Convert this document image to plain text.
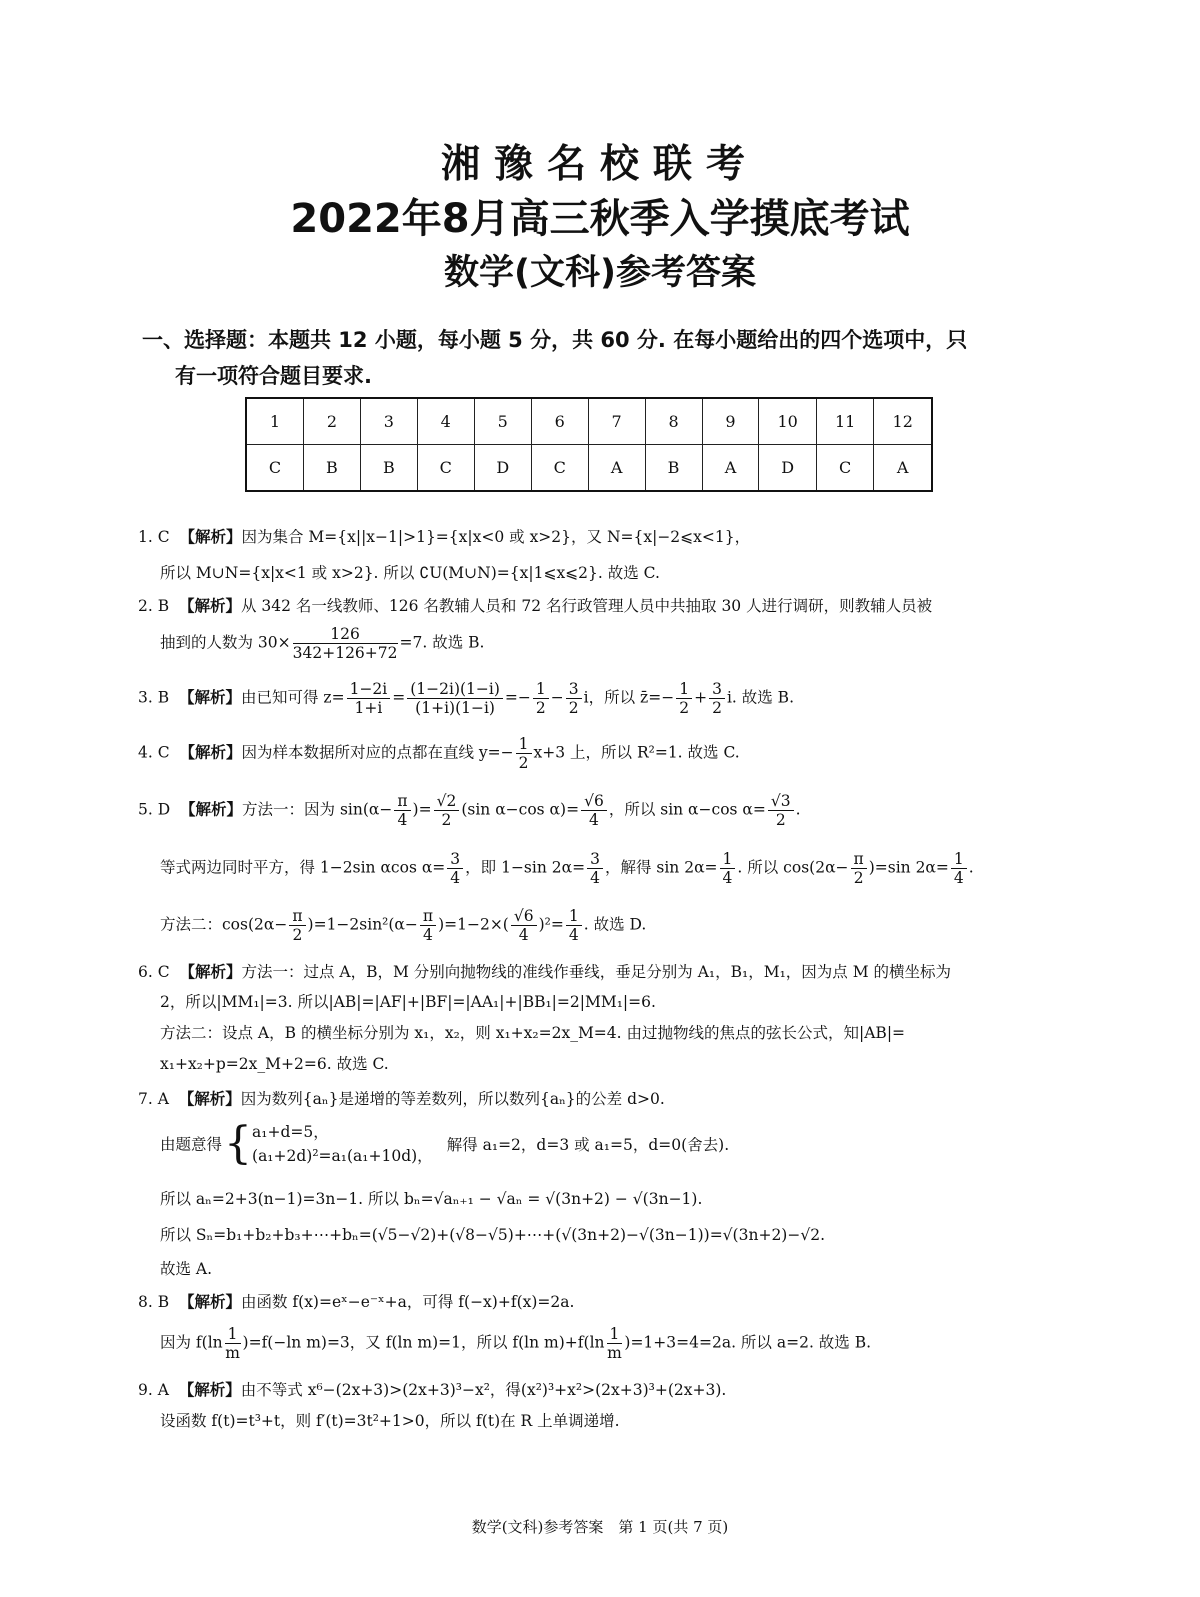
湘豫名校联考
2022年8月高三秋季入学摸底考试
数学(文科)参考答案
一、选择题：本题共 12 小题，每小题 5 分，共 60 分. 在每小题给出的四个选项中，只
有一项符合题目要求.
1	2	3	4	5	6	7	8	9	10	11	12
C	B	B	C	D	C	A	B	A	D	C	A
1. C 【解析】因为集合 M={x||x−1|>1}={x|x<0 或 x>2}，又 N={x|−2⩽x<1}，
所以 M∪N={x|x<1 或 x>2}. 所以 ∁U(M∪N)={x|1⩽x⩽2}. 故选 C.
2. B 【解析】从 342 名一线教师、126 名教辅人员和 72 名行政管理人员中共抽取 30 人进行调研，则教辅人员被
抽到的人数为 $30\times \frac{126}{342+126+72} =7$. 故选 B.
3. B 【解析】由已知可得 $z= \frac{1-2i}{1+i} = \frac{(1-2i)(1-i)}{(1+i)(1-i)} =- \frac{1}{2} - \frac{3}{2}$ i，所以 z̄=− $\frac{1}{2} + \frac{3}{2} i$. 故选 B.
4. C 【解析】因为样本数据所对应的点都在直线 $y=- \frac{1}{2} x+3$ 上，所以 R²=1. 故选 C.
5. D 【解析】方法一：因为 $\sin(\alpha- \frac{\pi}{4}$ )= $\frac{√2}{2} (\sin$ α−cos $\alpha)= \frac{√6}{4}$ ，所以 sin α−cos $\alpha= \frac{√3}{2}$ .
等式两边同时平方，得 1−2sin αcos $\alpha= \frac{3}{4}$ ，即 1−sin $2\alpha= \frac{3}{4}$ ，解得 $\sin 2\alpha= \frac{1}{4}$ . 所以 $\cos(2\alpha- \frac{\pi}{2} )=\sin$ $2\alpha= \frac{1}{4}$ .
方法二：$\cos(2\alpha- \frac{\pi}{2} )=1-2\sin^2(\alpha- \frac{\pi}{4} )=1-2\times( \frac{√6}{4} )^2= \frac{1}{4}$ . 故选 D.
6. C 【解析】方法一：过点 A，B，M 分别向抛物线的准线作垂线，垂足分别为 A₁，B₁，M₁，因为点 M 的横坐标为
2，所以|MM₁|=3. 所以|AB|=|AF|+|BF|=|AA₁|+|BB₁|=2|MM₁|=6.
方法二：设点 A，B 的横坐标分别为 x₁，x₂，则 x₁+x₂=2x_M=4. 由过抛物线的焦点的弦长公式，知|AB|=
x₁+x₂+p=2x_M+2=6. 故选 C.
7. A 【解析】因为数列{aₙ}是递增的等差数列，所以数列{aₙ}的公差 d>0.
由题意得{ a₁+d=5，
(a₁+2d)²=a₁(a₁+10d)，
解得 a₁=2，d=3 或 a₁=5，d=0(舍去).
所以 aₙ=2+3(n−1)=3n−1. 所以 bₙ=√aₙ₊₁ − √aₙ = √(3n+2) − √(3n−1).
所以 Sₙ=b₁+b₂+b₃+⋯+bₙ=(√5−√2)+(√8−√5)+⋯+(√(3n+2)−√(3n−1))=√(3n+2)−√2.
故选 A.
8. B 【解析】由函数 f(x)=eˣ−e⁻ˣ+a，可得 f(−x)+f(x)=2a.
因为 $f(\ln \frac{1}{m} )=f(-\ln$ m)=3，又 f(ln m)=1，所以 f(ln $m)+f(\ln \frac{1}{m} )=1+3=4=2a$. 所以 a=2. 故选 B.
9. A 【解析】由不等式 x⁶−(2x+3)>(2x+3)³−x²，得(x²)³+x²>(2x+3)³+(2x+3).
设函数 f(t)=t³+t，则 f′(t)=3t²+1>0，所以 f(t)在 R 上单调递增.
数学(文科)参考答案　第 1 页(共 7 页)
